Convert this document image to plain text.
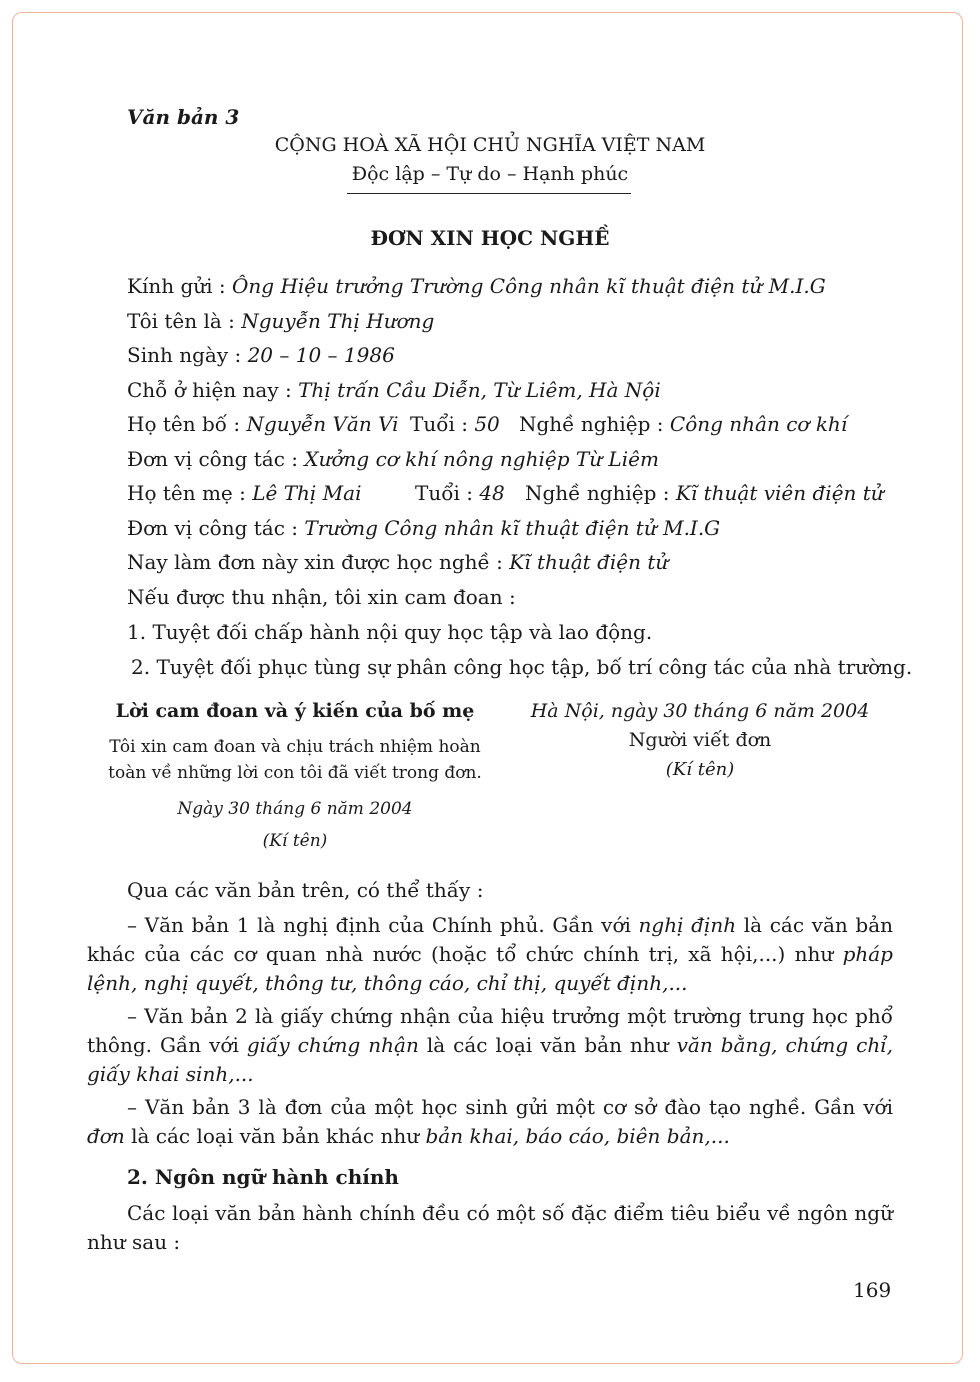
Văn bản 3
CỘNG HOÀ XÃ HỘI CHỦ NGHĨA VIỆT NAM
Độc lập – Tự do – Hạnh phúc
ĐƠN XIN HỌC NGHỀ
Kính gửi : Ông Hiệu trưởng Trường Công nhân kĩ thuật điện tử M.I.G
Tôi tên là : Nguyễn Thị Hương
Sinh ngày : 20 – 10 – 1986
Chỗ ở hiện nay : Thị trấn Cầu Diễn, Từ Liêm, Hà Nội
Họ tên bố : Nguyễn Văn Vi Tuổi : 50 Nghề nghiệp : Công nhân cơ khí
Đơn vị công tác : Xưởng cơ khí nông nghiệp Từ Liêm
Họ tên mẹ : Lê Thị Mai	Tuổi : 48 Nghề nghiệp : Kĩ thuật viên điện tử
Đơn vị công tác : Trường Công nhân kĩ thuật điện tử M.I.G
Nay làm đơn này xin được học nghề : Kĩ thuật điện tử
Nếu được thu nhận, tôi xin cam đoan :
1. Tuyệt đối chấp hành nội quy học tập và lao động.
2. Tuyệt đối phục tùng sự phân công học tập, bố trí công tác của nhà trường.
Lời cam đoan và ý kiến của bố mẹ
Tôi xin cam đoan và chịu trách nhiệm hoàn
toàn về những lời con tôi đã viết trong đơn.
Ngày 30 tháng 6 năm 2004
(Kí tên)
Hà Nội, ngày 30 tháng 6 năm 2004
Người viết đơn
(Kí tên)
Qua các văn bản trên, có thể thấy :
– Văn bản 1 là nghị định của Chính phủ. Gần với nghị định là các văn bản khác của các cơ quan nhà nước (hoặc tổ chức chính trị, xã hội,...) như pháp lệnh, nghị quyết, thông tư, thông cáo, chỉ thị, quyết định,...
– Văn bản 2 là giấy chứng nhận của hiệu trưởng một trường trung học phổ thông. Gần với giấy chứng nhận là các loại văn bản như văn bằng, chứng chỉ, giấy khai sinh,...
– Văn bản 3 là đơn của một học sinh gửi một cơ sở đào tạo nghề. Gần với đơn là các loại văn bản khác như bản khai, báo cáo, biên bản,...
2. Ngôn ngữ hành chính
Các loại văn bản hành chính đều có một số đặc điểm tiêu biểu về ngôn ngữ như sau :
169
